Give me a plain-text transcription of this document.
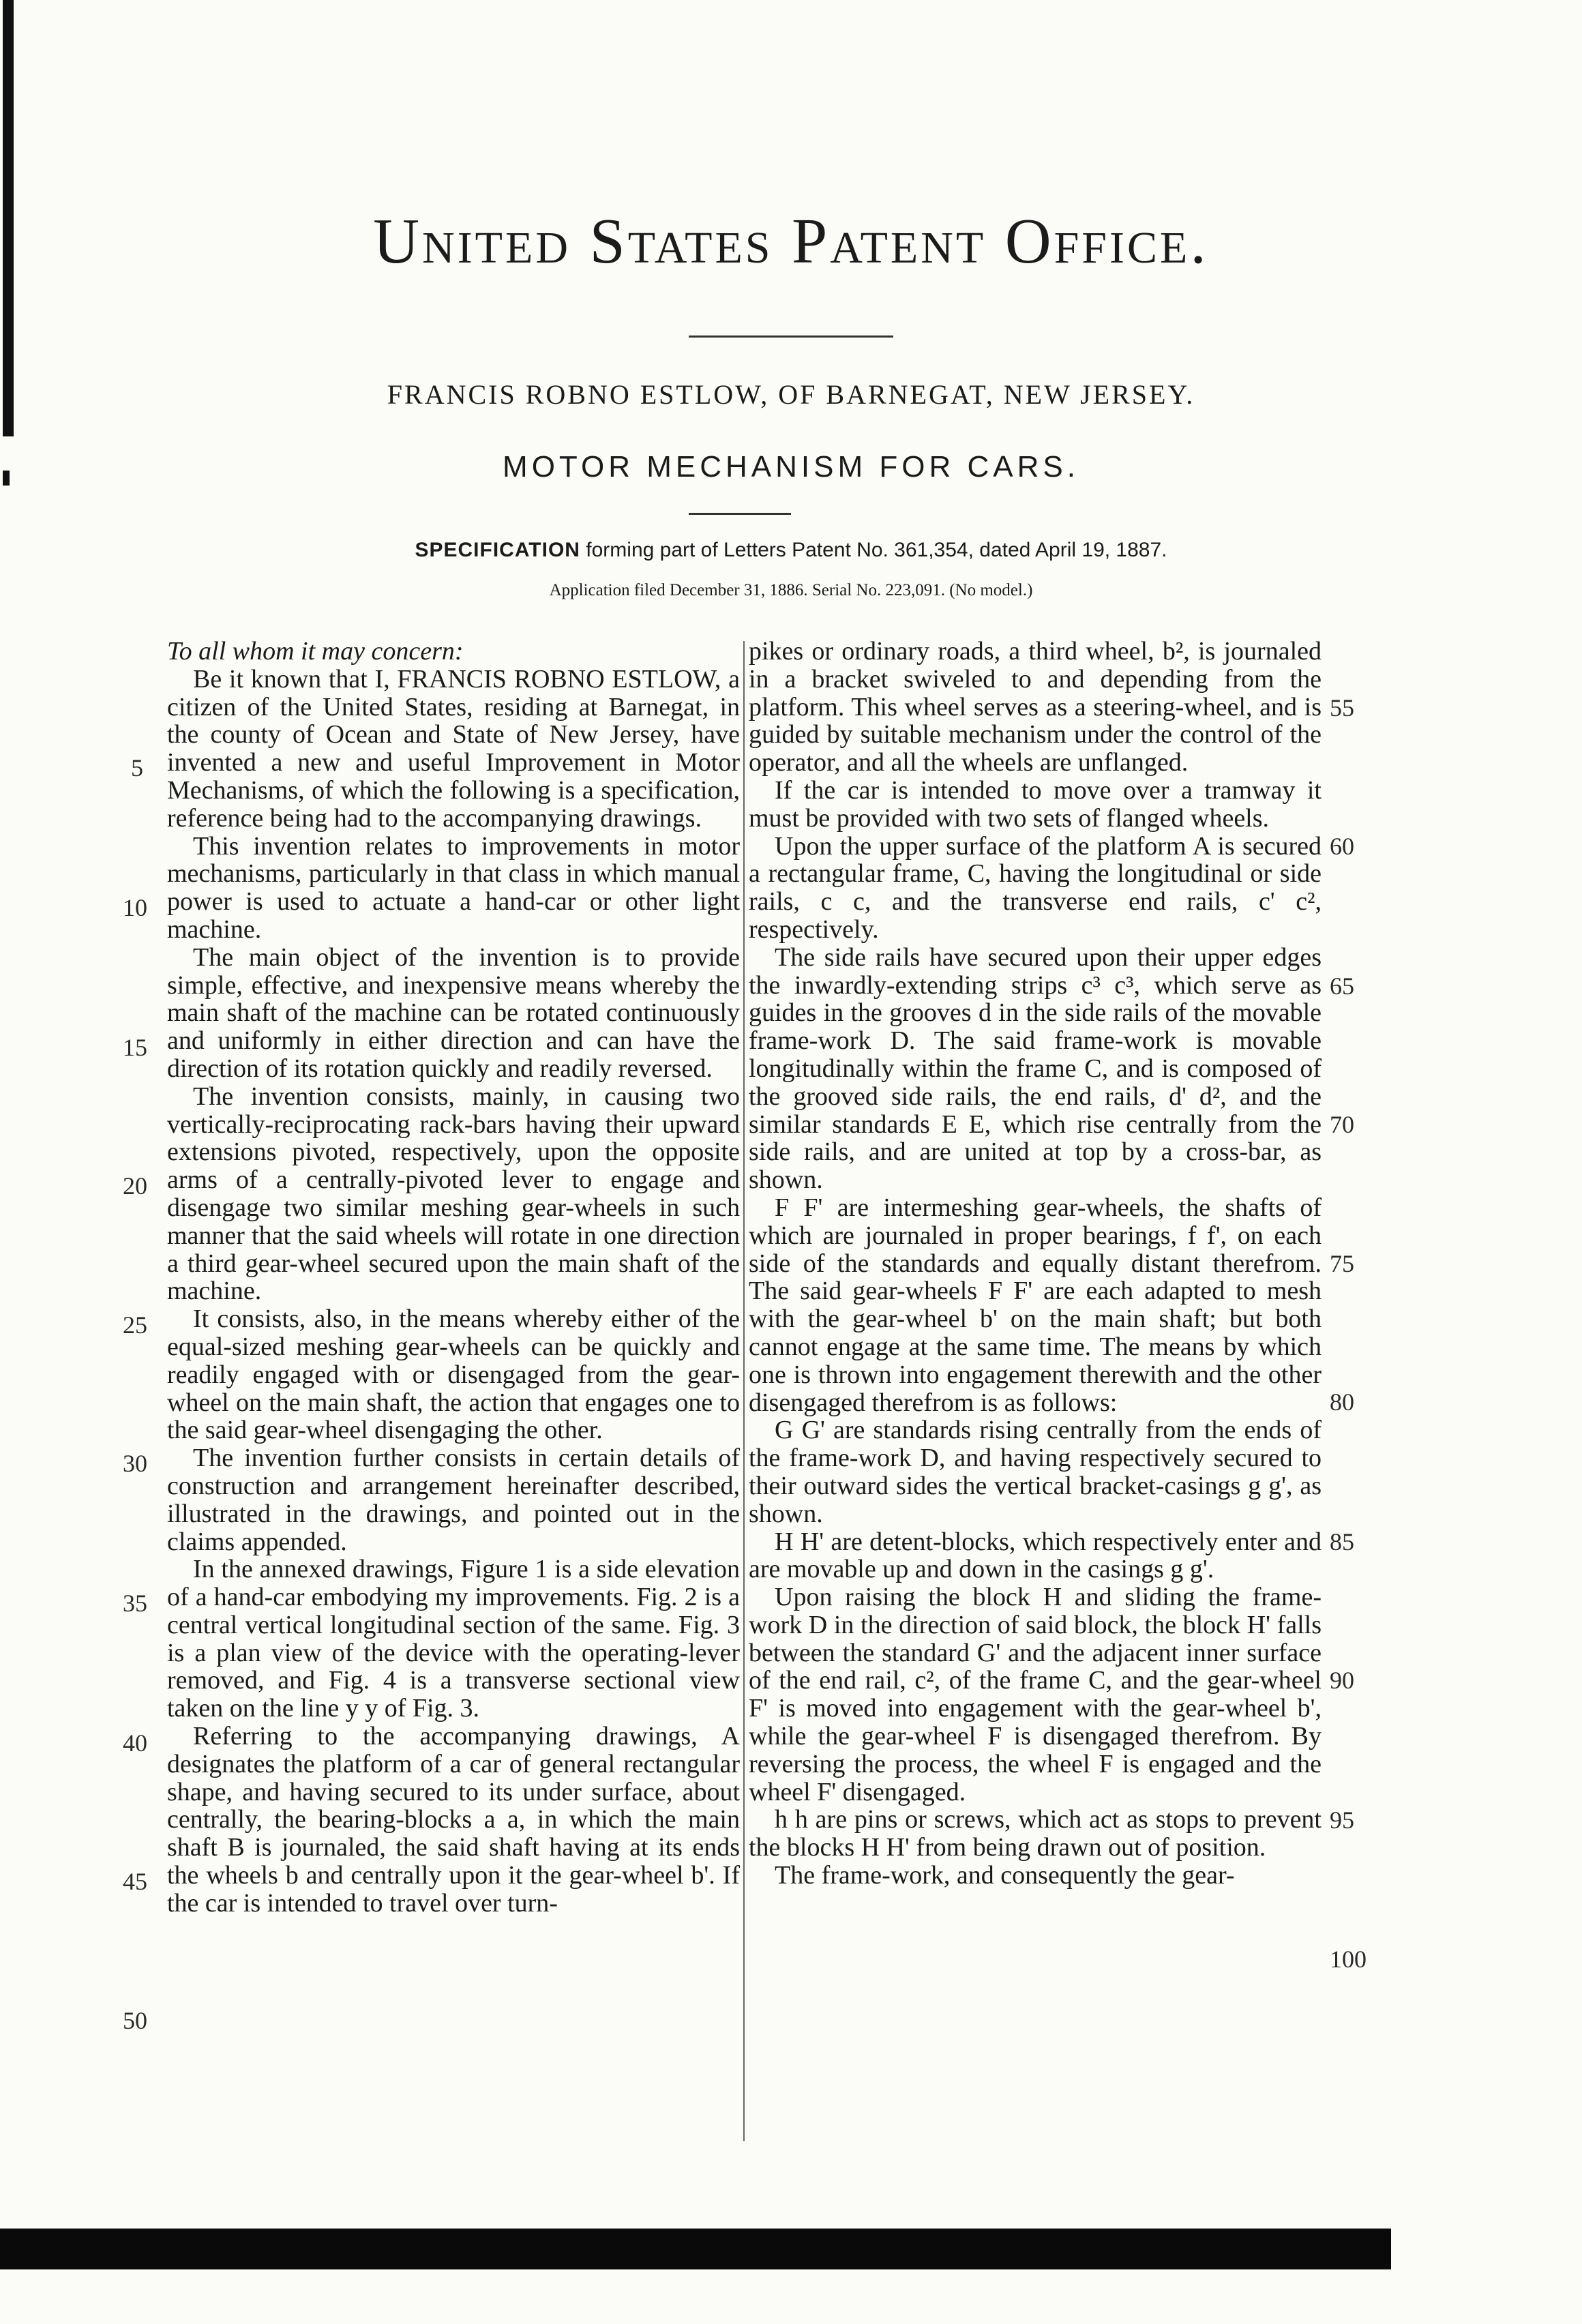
United States Patent Office.
FRANCIS ROBNO ESTLOW, OF BARNEGAT, NEW JERSEY.
MOTOR MECHANISM FOR CARS.
SPECIFICATION forming part of Letters Patent No. 361,354, dated April 19, 1887.
Application filed December 31, 1886. Serial No. 223,091. (No model.)

To all whom it may concern:

Be it known that I, FRANCIS ROBNO ESTLOW, a citizen of the United States, residing at Barnegat, in the county of Ocean and State of New Jersey, have invented a new and useful Improvement in Motor Mechanisms, of which the following is a specification, reference being had to the accompanying drawings.

This invention relates to improvements in motor mechanisms, particularly in that class in which manual power is used to actuate a hand-car or other light machine.

The main object of the invention is to provide simple, effective, and inexpensive means whereby the main shaft of the machine can be rotated continuously and uniformly in either direction and can have the direction of its rotation quickly and readily reversed.

The invention consists, mainly, in causing two vertically-reciprocating rack-bars having their upward extensions pivoted, respectively, upon the opposite arms of a centrally-pivoted lever to engage and disengage two similar meshing gear-wheels in such manner that the said wheels will rotate in one direction a third gear-wheel secured upon the main shaft of the machine.

It consists, also, in the means whereby either of the equal-sized meshing gear-wheels can be quickly and readily engaged with or disengaged from the gear-wheel on the main shaft, the action that engages one to the said gear-wheel disengaging the other.

The invention further consists in certain details of construction and arrangement hereinafter described, illustrated in the drawings, and pointed out in the claims appended.

In the annexed drawings, Figure 1 is a side elevation of a hand-car embodying my improvements. Fig. 2 is a central vertical longitudinal section of the same. Fig. 3 is a plan view of the device with the operating-lever removed, and Fig. 4 is a transverse sectional view taken on the line y y of Fig. 3.

Referring to the accompanying drawings, A designates the platform of a car of general rectangular shape, and having secured to its under surface, about centrally, the bearing-blocks a a, in which the main shaft B is journaled, the said shaft having at its ends the wheels b and centrally upon it the gear-wheel b'. If the car is intended to travel over turn-

pikes or ordinary roads, a third wheel, b², is journaled in a bracket swiveled to and depending from the platform. This wheel serves as a steering-wheel, and is guided by suitable mechanism under the control of the operator, and all the wheels are unflanged.

If the car is intended to move over a tramway it must be provided with two sets of flanged wheels.

Upon the upper surface of the platform A is secured a rectangular frame, C, having the longitudinal or side rails, c c, and the transverse end rails, c' c², respectively.

The side rails have secured upon their upper edges the inwardly-extending strips c³ c³, which serve as guides in the grooves d in the side rails of the movable frame-work D. The said frame-work is movable longitudinally within the frame C, and is composed of the grooved side rails, the end rails, d' d², and the similar standards E E, which rise centrally from the side rails, and are united at top by a cross-bar, as shown.

F F' are intermeshing gear-wheels, the shafts of which are journaled in proper bearings, f f', on each side of the standards and equally distant therefrom. The said gear-wheels F F' are each adapted to mesh with the gear-wheel b' on the main shaft; but both cannot engage at the same time. The means by which one is thrown into engagement therewith and the other disengaged therefrom is as follows:

G G' are standards rising centrally from the ends of the frame-work D, and having respectively secured to their outward sides the vertical bracket-casings g g', as shown.

H H' are detent-blocks, which respectively enter and are movable up and down in the casings g g'.

Upon raising the block H and sliding the frame-work D in the direction of said block, the block H' falls between the standard G' and the adjacent inner surface of the end rail, c², of the frame C, and the gear-wheel F' is moved into engagement with the gear-wheel b', while the gear-wheel F is disengaged therefrom. By reversing the process, the wheel F is engaged and the wheel F' disengaged.

h h are pins or screws, which act as stops to prevent the blocks H H' from being drawn out of position.

The frame-work, and consequently the gear-

5
10
15
20
25
30
35
40
45
50
55
60
65
70
75
80
85
90
95
100
